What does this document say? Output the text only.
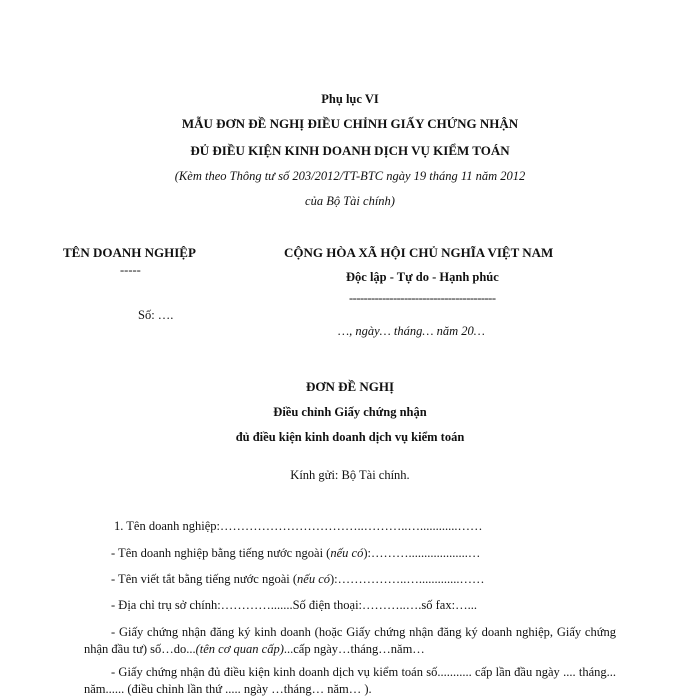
Phụ lục VI
MẪU ĐƠN ĐỀ NGHỊ ĐIỀU CHỈNH GIẤY CHỨNG NHẬN
ĐỦ ĐIỀU KIỆN KINH DOANH DỊCH VỤ KIỂM TOÁN
(Kèm theo Thông tư số 203/2012/TT-BTC ngày 19 tháng 11 năm 2012
của Bộ Tài chính)
TÊN DOANH NGHIỆP
-----
Số: ….
CỘNG HÒA XÃ HỘI CHỦ NGHĨA VIỆT NAM
Độc lập - Tự do - Hạnh phúc
----------------------------------------
…, ngày… tháng… năm 20…
ĐƠN ĐỀ NGHỊ
Điều chỉnh Giấy chứng nhận
đủ điều kiện kinh doanh dịch vụ kiểm toán
Kính gửi: Bộ Tài chính.
1. Tên doanh nghiệp:……………………………..………..…............……
- Tên doanh nghiệp bằng tiếng nước ngoài (nếu có):………...................…
- Tên viết tắt bằng tiếng nước ngoài (nếu có):……………..….............……
- Địa chỉ trụ sở chính:………….......Số điện thoại:………..….số fax:…...
- Giấy chứng nhận đăng ký kinh doanh (hoặc Giấy chứng nhận đăng ký doanh nghiệp, Giấy chứng nhận đầu tư) số…do...(tên cơ quan cấp)...cấp ngày…tháng…năm…
- Giấy chứng nhận đủ điều kiện kinh doanh dịch vụ kiểm toán số........... cấp lần đầu ngày .... tháng... năm...... (điều chỉnh lần thứ ..... ngày …tháng… năm… ).
